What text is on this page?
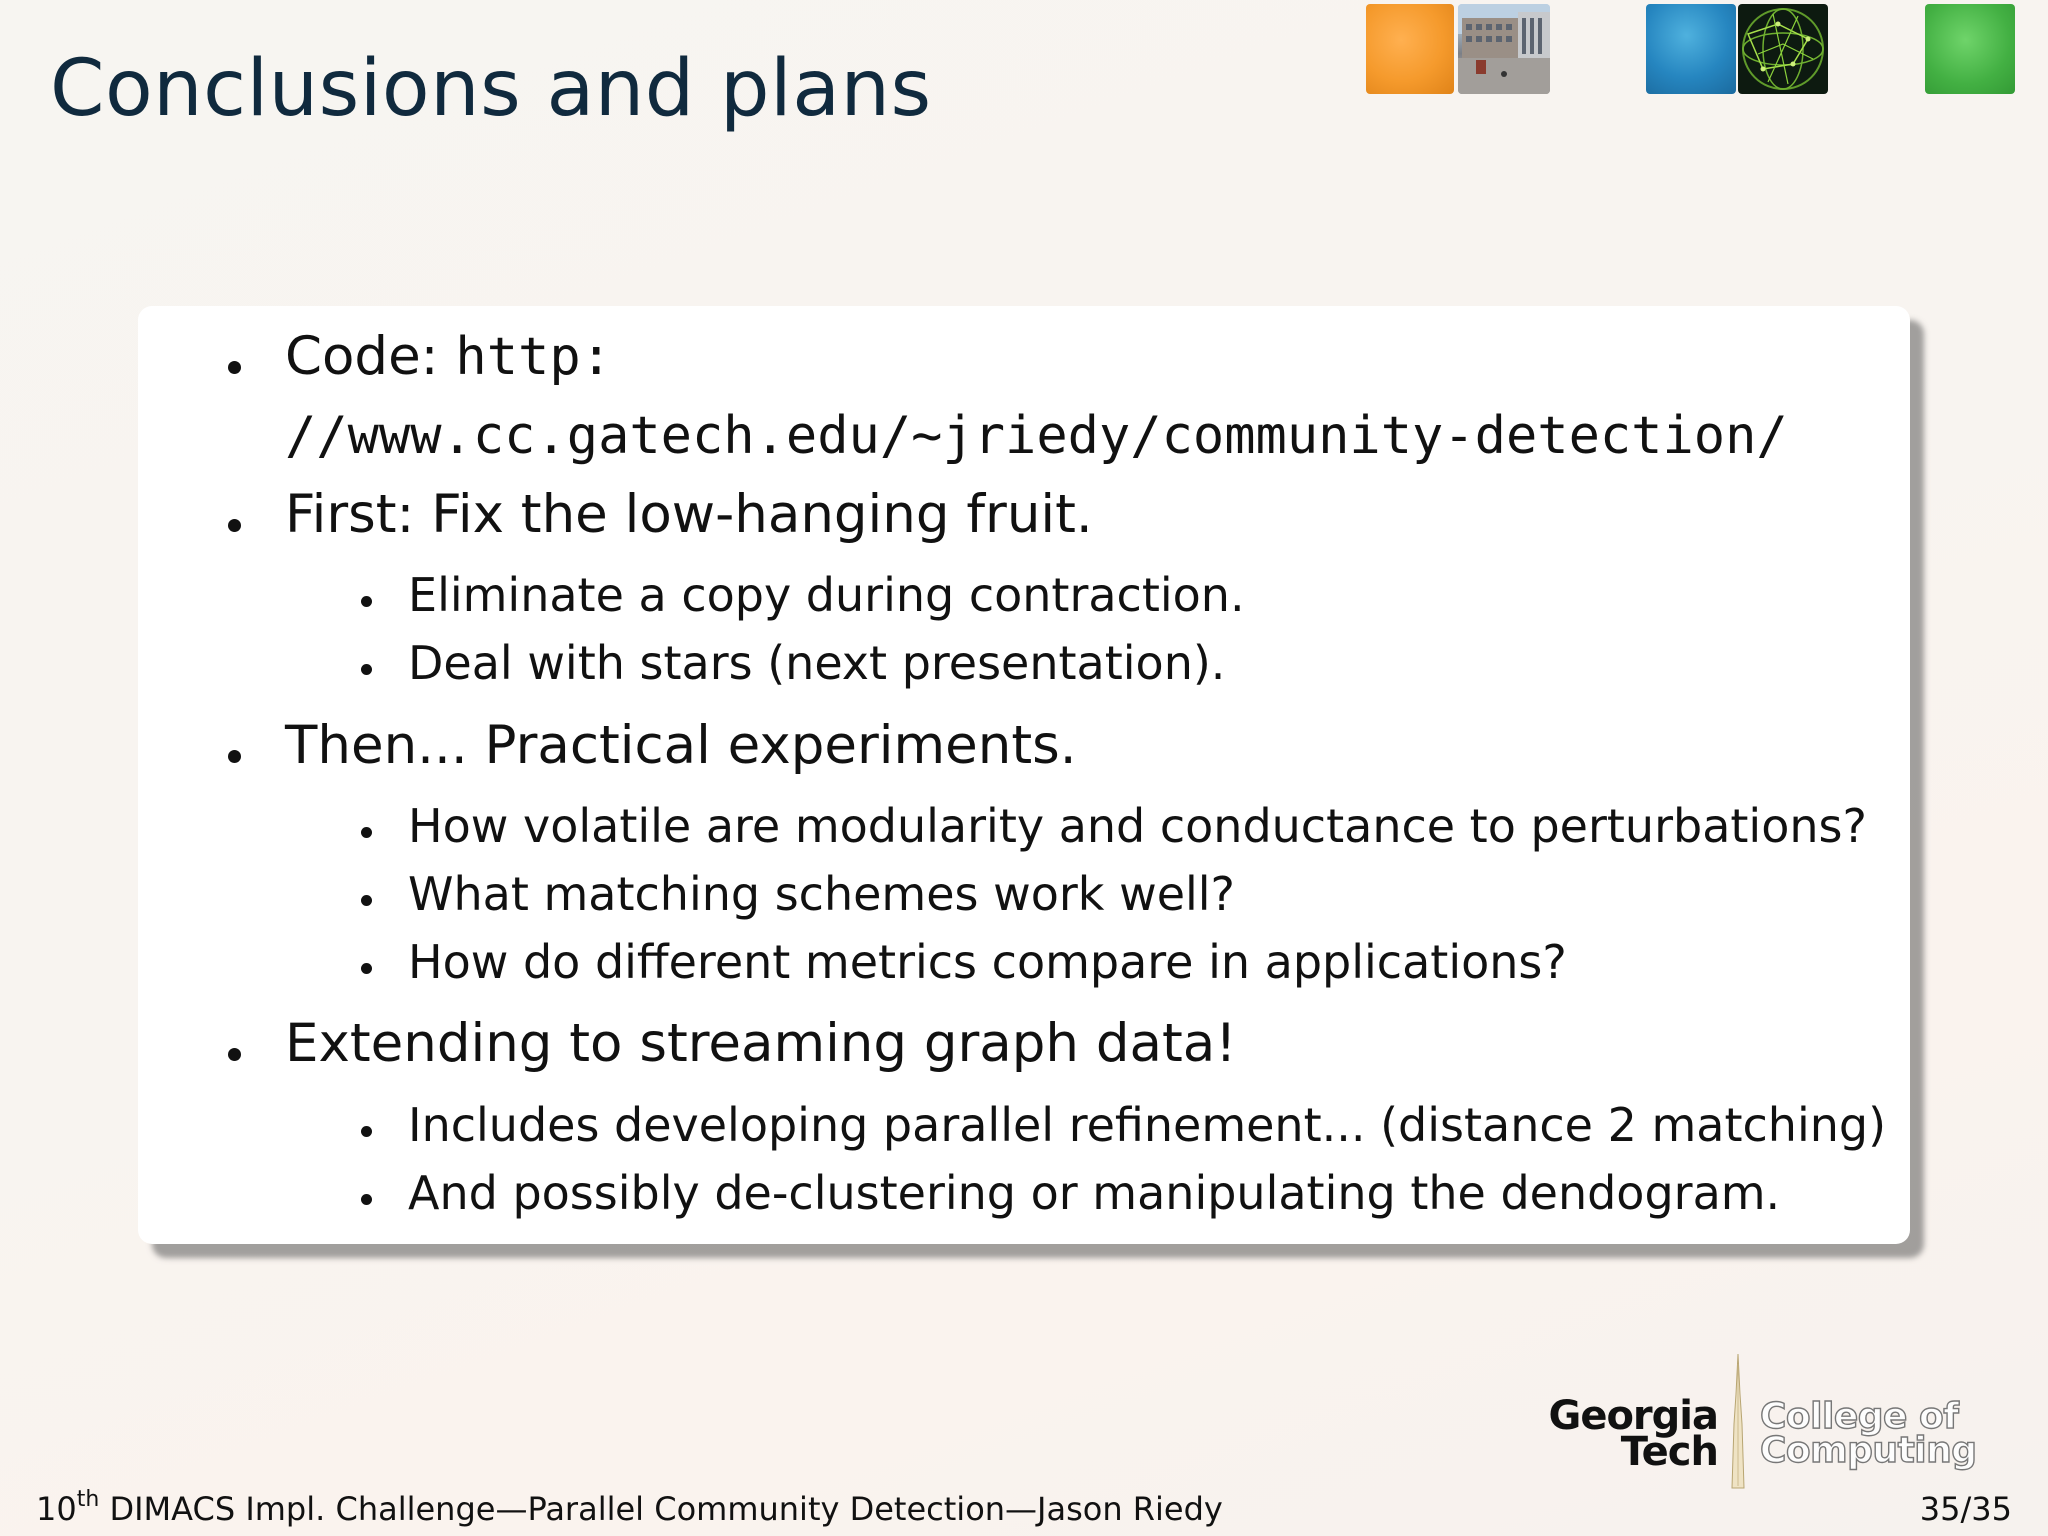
Conclusions and plans
Code: http:
//www.cc.gatech.edu/~jriedy/community-detection/
First: Fix the low-hanging fruit.
Eliminate a copy during contraction.
Deal with stars (next presentation).
Then... Practical experiments.
How volatile are modularity and conductance to perturbations?
What matching schemes work well?
How do different metrics compare in applications?
Extending to streaming graph data!
Includes developing parallel refinement... (distance 2 matching)
And possibly de-clustering or manipulating the dendogram.
Georgia
Tech
College of
Computing
10th DIMACS Impl. Challenge—Parallel Community Detection—Jason Riedy	35/35
